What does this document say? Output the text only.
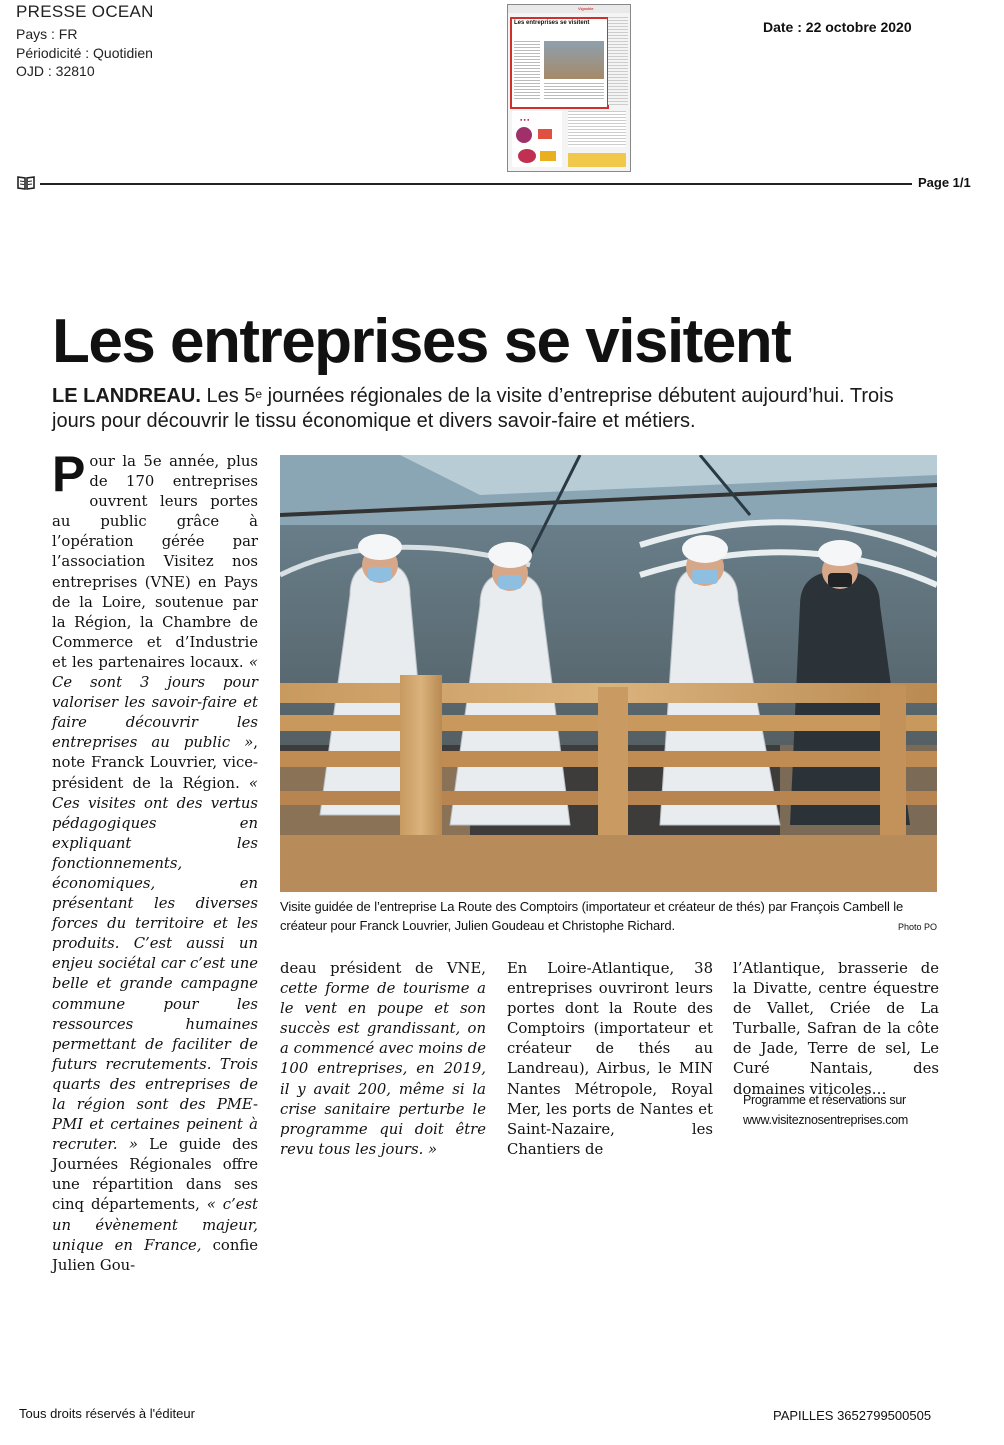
PRESSE OCEAN
Pays : FR
Périodicité : Quotidien
OJD : 32810
Date : 22 octobre 2020
Vignoble
Les entreprises se visitent
● ● ●
Page 1/1
Les entreprises se visitent
LE LANDREAU. Les 5e journées régionales de la visite d’entreprise débutent aujourd’hui. Trois jours pour découvrir le tissu économique et divers savoir-faire et métiers.
Pour la 5e année, plus de 170 entreprises ouvrent leurs portes au public grâce à l’opération gérée par l’association Visitez nos entreprises (VNE) en Pays de la Loire, soutenue par la Région, la Chambre de Commerce et d’Industrie et les partenaires locaux. « Ce sont 3 jours pour valoriser les savoir-faire et faire découvrir les entreprises au public », note Franck Louvrier, vice-président de la Région. « Ces visites ont des vertus pédagogiques en expliquant les fonctionnements, économiques, en présentant les diverses forces du territoire et les produits. C’est aussi un enjeu sociétal car c’est une belle et grande campagne commune pour les ressources humaines permettant de faciliter de futurs recrutements. Trois quarts des entreprises de la région sont des PME-PMI et certaines peinent à recruter. » Le guide des Journées Régionales offre une répartition dans ses cinq départements, « c’est un évènement majeur, unique en France, confie Julien Gou-
Visite guidée de l’entreprise La Route des Comptoirs (importateur et créateur de thés) par François Cambell le créateur pour Franck Louvrier, Julien Goudeau et Christophe Richard.	Photo PO
deau président de VNE, cette forme de tourisme a le vent en poupe et son succès est grandissant, on a commencé avec moins de 100 entreprises, en 2019, il y avait 200, même si la crise sanitaire perturbe le programme qui doit être revu tous les jours. »
En Loire-Atlantique, 38 entreprises ouvriront leurs portes dont la Route des Comptoirs (importateur et créateur de thés au Landreau), Airbus, le MIN Nantes Métropole, Royal Mer, les ports de Nantes et Saint-Nazaire, les Chantiers de
l’Atlantique, brasserie de la Divatte, centre équestre de Vallet, Criée de La Turballe, Safran de la côte de Jade, Terre de sel, Le Curé Nantais, des domaines viticoles…
Programme et réservations sur
www.visiteznosentreprises.com
Tous droits réservés à l'éditeur	PAPILLES 3652799500505
